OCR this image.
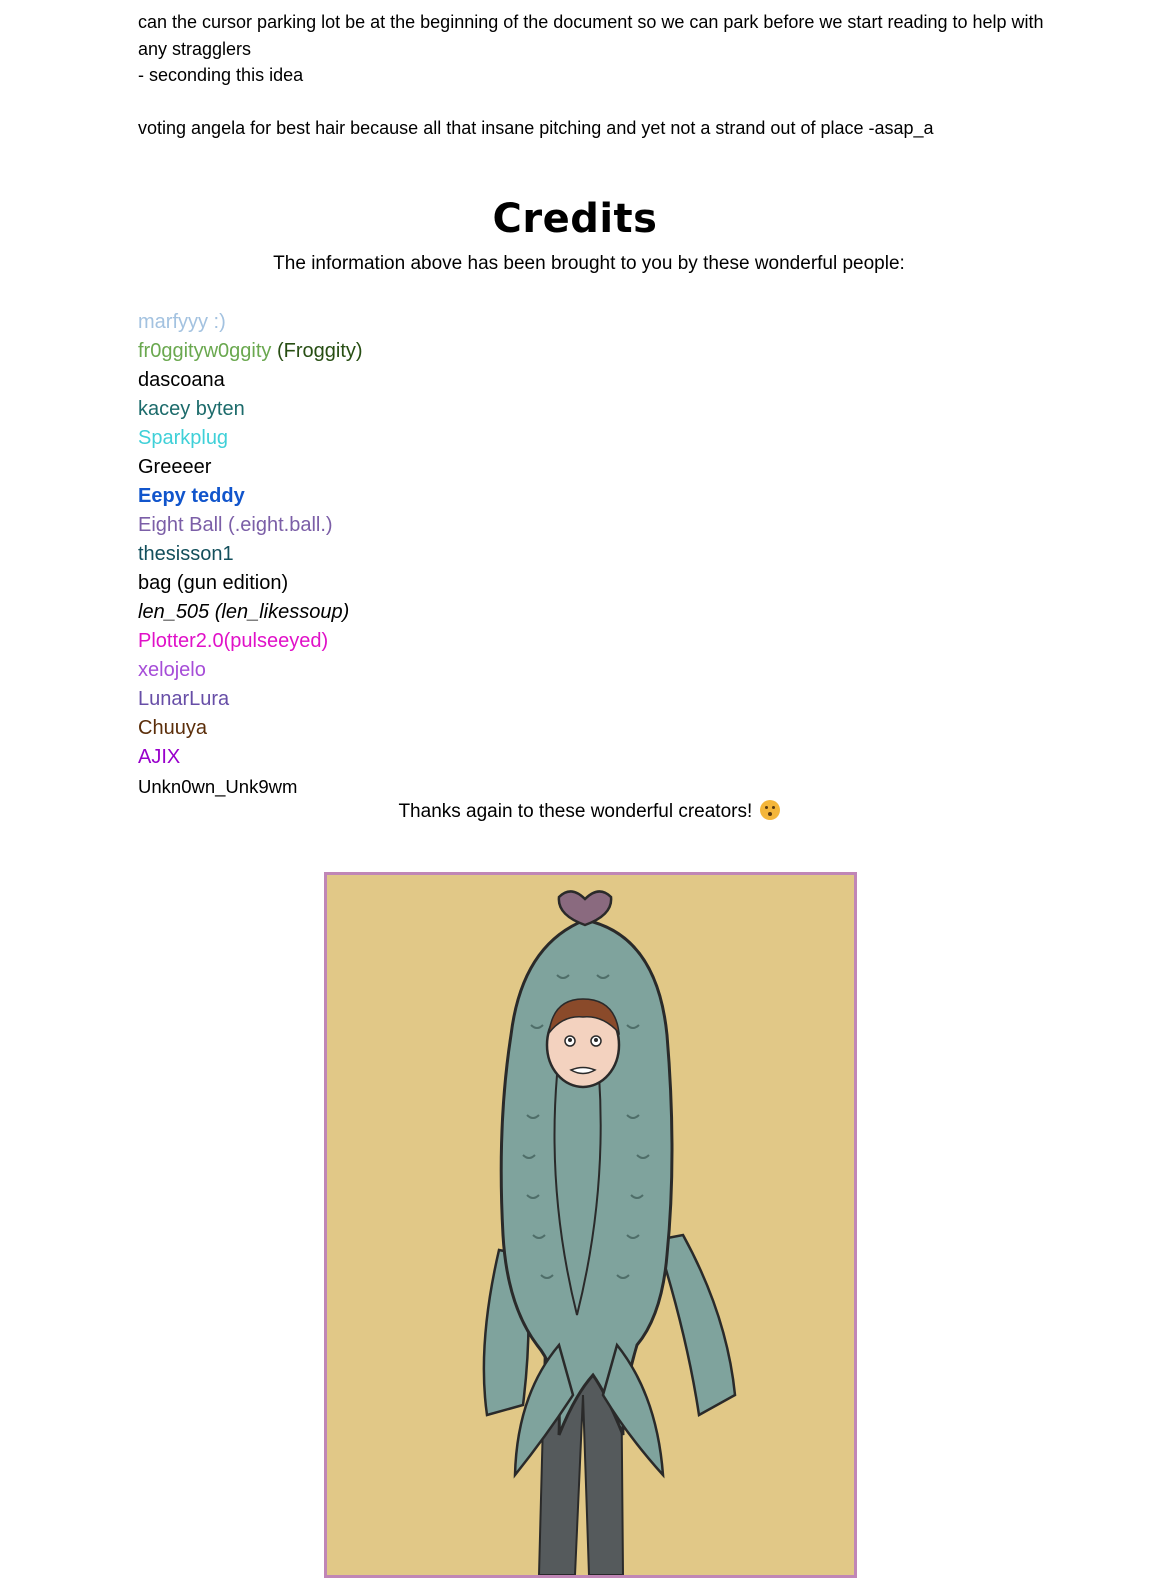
can the cursor parking lot be at the beginning of the document so we can park before we start reading to help with any stragglers

- seconding this idea

voting angela for best hair because all that insane pitching and yet not a strand out of place -asap_a

Credits
The information above has been brought to you by these wonderful people:
marfyyy :)
fr0ggityw0ggity (Froggity)
dascoana
kacey byten
Sparkplug
Greeeer
Eepy teddy
Eight Ball (.eight.ball.)
thesisson1
bag (gun edition)
len_505 (len_likessoup)
Plotter2.0(pulseeyed)
xelojelo
LunarLura
Chuuya
AJIX
Unkn0wn_Unk9wm
Thanks again to these wonderful creators!
